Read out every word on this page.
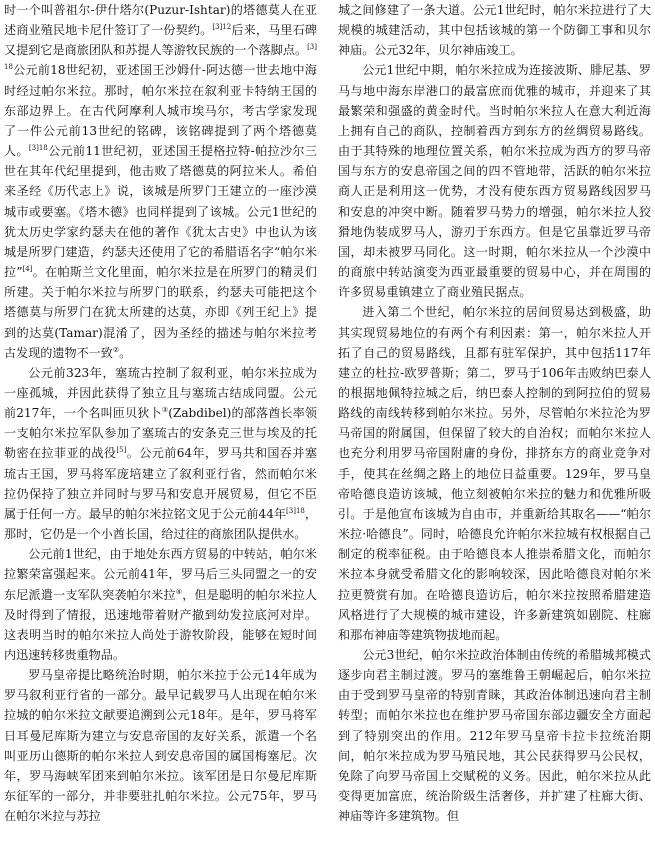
时一个叫普祖尔-伊什塔尔(Puzur-Ishtar)的塔德莫人在亚述商业殖民地卡尼什签订了一份契约。$^{[3]12}$后来，马里石碑又提到它是商旅团队和苏提人等游牧民族的一个落脚点。$^{[3]18}$公元前18世纪初，亚述国王沙姆什-阿达德一世去地中海时经过帕尔米拉。那时，帕尔米拉在叙利亚卡特纳王国的东部边界上。在古代阿摩利人城市埃马尔，考古学家发现了一件公元前13世纪的铭碑，该铭碑提到了两个塔德莫人。$^{[3]18}$公元前11世纪初，亚述国王提格拉特-帕拉沙尔三世在其年代纪里提到，他击败了塔德莫的阿拉米人。希伯来圣经《历代志上》说，该城是所罗门王建立的一座沙漠城市或要塞。《塔木德》也同样提到了该城。公元1世纪的犹太历史学家约瑟夫在他的著作《犹太古史》中也认为该城是所罗门建造，约瑟夫还使用了它的希腊语名字“帕尔米拉”[4]。在帕斯兰文化里面，帕尔米拉是在所罗门的精灵们所建。关于帕尔米拉与所罗门的联系，约瑟夫可能把这个塔德莫与所罗门在犹太所建的达莫，亦即《列王纪上》提到的达莫(Tamar)混淆了，因为圣经的描述与帕尔米拉考古发现的遗物不一致②。

公元前323年，塞琉古控制了叙利亚，帕尔米拉成为一座孤城，并因此获得了独立且与塞琉古结成同盟。公元前217年，一个名叫匝贝狄卜③(Zabdibel)的部落酋长率领一支帕尔米拉军队参加了塞琉古的安条克三世与埃及的托勒密在拉菲亚的战役[5]。公元前64年，罗马共和国吞并塞琉古王国，罗马将军庞培建立了叙利亚行省，然而帕尔米拉仍保持了独立并同时与罗马和安息开展贸易，但它不臣属于任何一方。最早的帕尔米拉铭文见于公元前44年$^{[3]18}$，那时，它仍是一个小酋长国，给过往的商旅团队提供水。

公元前1世纪，由于地处东西方贸易的中转站，帕尔米拉繁荣富强起来。公元前41年，罗马后三头同盟之一的安东尼派遣一支军队突袭帕尔米拉④，但是聪明的帕尔米拉人及时得到了情报，迅速地带着财产撤到幼发拉底河对岸。这表明当时的帕尔米拉人尚处于游牧阶段，能够在短时间内迅速转移贵重物品。

罗马皇帝提比略统治时期，帕尔米拉于公元14年成为罗马叙利亚行省的一部分。最早记载罗马人出现在帕尔米拉城的帕尔米拉文献要追溯到公元18年。是年，罗马将军日耳曼尼库斯为建立与安息帝国的友好关系，派遣一个名叫亚历山德斯的帕尔米拉人到安息帝国的属国梅塞尼。次年，罗马海峡军团来到帕尔米拉。该军团是日尔曼尼库斯东征军的一部分，并非要驻扎帕尔米拉。公元75年，罗马在帕尔米拉与苏拉

城之间修建了一条大道。公元1世纪时，帕尔米拉进行了大规模的城建活动，其中包括该城的第一个防御工事和贝尔神庙。公元32年，贝尔神庙竣工。

公元1世纪中期，帕尔米拉成为连接波斯、腓尼基、罗马与地中海东岸港口的最富庶而优雅的城市，并迎来了其最繁荣和强盛的黄金时代。当时帕尔米拉人在意大利近海上拥有自己的商队，控制着西方到东方的丝绸贸易路线。由于其特殊的地理位置关系，帕尔米拉成为西方的罗马帝国与东方的安息帝国之间的四不管地带，活跃的帕尔米拉商人正是利用这一优势，才没有使东西方贸易路线因罗马和安息的冲突中断。随着罗马势力的增强，帕尔米拉人狡猾地伪装成罗马人，游刃于东西方。但是它虽靠近罗马帝国，却未被罗马同化。这一时期，帕尔米拉从一个沙漠中的商旅中转站演变为西亚最重要的贸易中心，并在周围的许多贸易重镇建立了商业殖民据点。

进入第二个世纪，帕尔米拉的居间贸易达到极盛，助其实现贸易地位的有两个有利因素：第一，帕尔米拉人开拓了自己的贸易路线，且都有驻军保护，其中包括117年建立的杜拉-欧罗普斯；第二，罗马于106年击败纳巴泰人的根据地佩特拉城之后，纳巴泰人控制的到阿拉伯的贸易路线的南线转移到帕尔米拉。另外，尽管帕尔米拉沦为罗马帝国的附属国，但保留了较大的自治权；而帕尔米拉人也充分利用罗马帝国附庸的身份，排挤东方的商业竞争对手，使其在丝绸之路上的地位日益重要。129年，罗马皇帝哈德良造访该城，他立刻被帕尔米拉的魅力和优雅所吸引。于是他宣布该城为自由市，并重新给其取名——“帕尔米拉·哈德良”。同时，哈德良允许帕尔米拉城有权根据自己制定的税率征税。由于哈德良本人推崇希腊文化，而帕尔米拉本身就受希腊文化的影响较深，因此哈德良对帕尔米拉更赞赏有加。在哈德良造访后，帕尔米拉按照希腊建造风格进行了大规模的城市建设，许多新建筑如剧院、柱廊和那布神庙等建筑物拔地而起。

公元3世纪，帕尔米拉政治体制由传统的希腊城邦模式逐步向君主制过渡。罗马的塞维鲁王朝崛起后，帕尔米拉由于受到罗马皇帝的特别青睐，其政治体制迅速向君主制转型；而帕尔米拉也在维护罗马帝国东部边疆安全方面起到了特别突出的作用。212年罗马皇帝卡拉卡拉统治期间，帕尔米拉成为罗马殖民地，其公民获得罗马公民权，免除了向罗马帝国上交赋税的义务。因此，帕尔米拉从此变得更加富庶，统治阶级生活奢侈，并扩建了柱廊大街、神庙等许多建筑物。但
